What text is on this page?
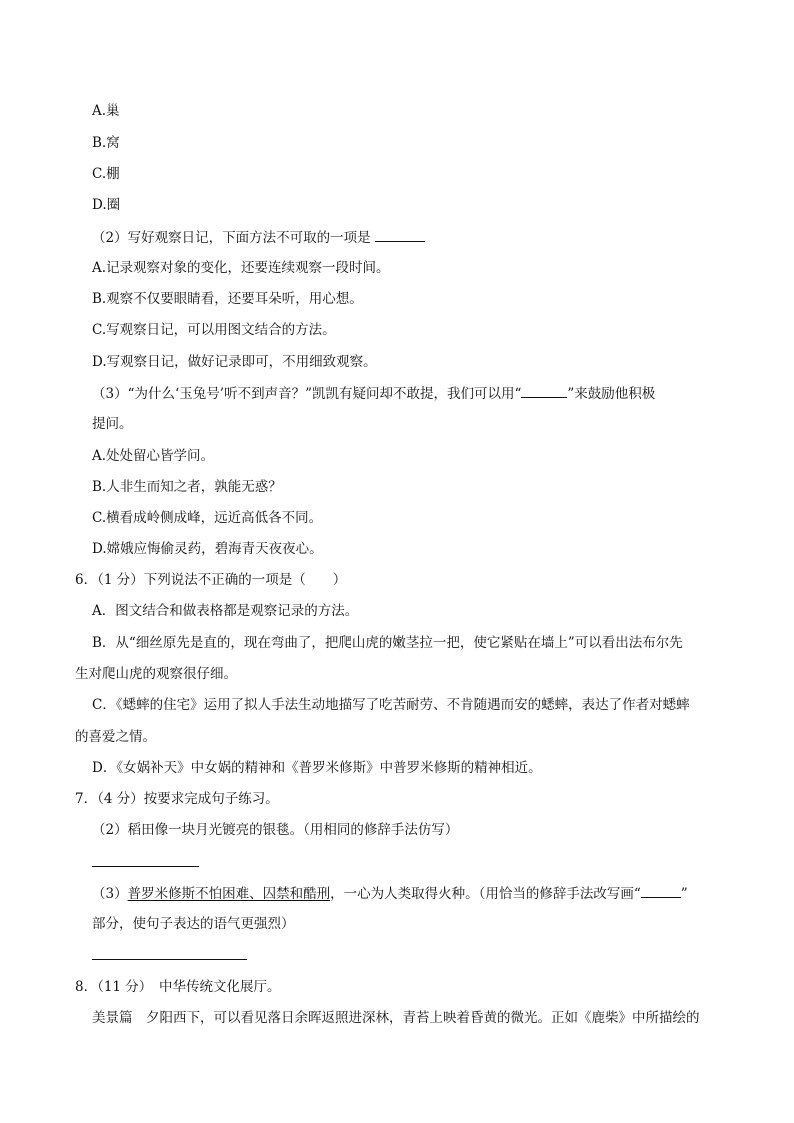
A.巢
B.窝
C.棚
D.圈
（2）写好观察日记，下面方法不可取的一项是
A.记录观察对象的变化，还要连续观察一段时间。
B.观察不仅要眼睛看，还要耳朵听，用心想。
C.写观察日记，可以用图文结合的方法。
D.写观察日记，做好记录即可，不用细致观察。
（3）“为什么‘玉兔号’听不到声音？”凯凯有疑问却不敢提，我们可以用“	”来鼓励他积极
提问。
A.处处留心皆学问。
B.人非生而知之者，孰能无惑？
C.横看成岭侧成峰，远近高低各不同。
D.嫦娥应悔偷灵药，碧海青天夜夜心。
6．（1 分）下列说法不正确的一项是（　　）
A．图文结合和做表格都是观察记录的方法。
B．从“细丝原先是直的，现在弯曲了，把爬山虎的嫩茎拉一把，使它紧贴在墙上”可以看出法布尔先
生对爬山虎的观察很仔细。
C．《蟋蟀的住宅》运用了拟人手法生动地描写了吃苦耐劳、不肯随遇而安的蟋蟀，表达了作者对蟋蟀
的喜爱之情。
D．《女娲补天》中女娲的精神和《普罗米修斯》中普罗米修斯的精神相近。
7．（4 分）按要求完成句子练习。
（2）稻田像一块月光镀亮的银毯。（用相同的修辞手法仿写）
（3）普罗米修斯不怕困难、囚禁和酷刑，一心为人类取得火种。（用恰当的修辞手法改写画“	”
部分，使句子表达的语气更强烈）
8．（11 分）　中华传统文化展厅。
美景篇　夕阳西下，可以看见落日余晖返照进深林，青苔上映着昏黄的微光。正如《鹿柴》中所描绘的
